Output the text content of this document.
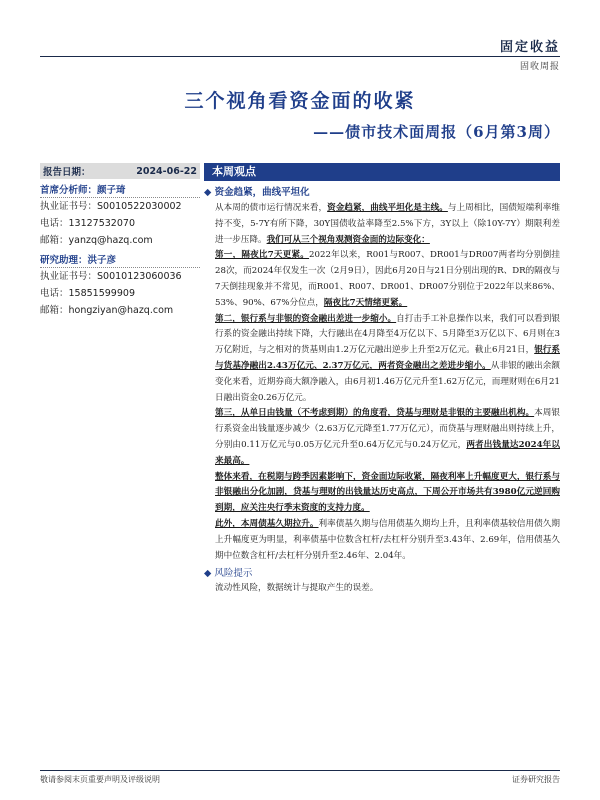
固定收益
固收周报
三个视角看资金面的收紧
——债市技术面周报（6月第3周）
报告日期：	2024-06-22
首席分析师：颜子琦
执业证书号：S0010522030002
电话：13127532070
邮箱：yanzq@hazq.com
研究助理：洪子彦
执业证书号：S0010123060036
电话：15851599909
邮箱：hongziyan@hazq.com
本周观点
◆ 资金趋紧，曲线平坦化

从本周的债市运行情况来看，资金趋紧，曲线平坦化是主线。与上周相比，国债短端利率维持不变，5-7Y有所下降，30Y国债收益率降至2.5%下方，3Y以上（除10Y-7Y）期限利差进一步压降。我们可从三个视角观测资金面的边际变化：

第一，隔夜比7天更紧。2022年以来，R001与R007、DR001与DR007两者均分别倒挂28次，而2024年仅发生一次（2月9日），因此6月20日与21日分别出现的R、DR的隔夜与7天倒挂现象并不常见，而R001、R007、DR001、DR007分别位于2022年以来86%、53%、90%、67%分位点，隔夜比7天情绪更紧。

第二，银行系与非银的资金融出差进一步缩小。自打击手工补息操作以来，我们可以看到银行系的资金融出持续下降，大行融出在4月降至4万亿以下、5月降至3万亿以下、6月则在3万亿附近，与之相对的货基则由1.2万亿元融出逆步上升至2万亿元。截止6月21日，银行系与货基净融出2.43万亿元、2.37万亿元，两者资金融出之差进步缩小。从非银的融出余额变化来看，近期券商大额净融入，由6月初1.46万亿元升至1.62万亿元，而理财则在6月21日融出资金0.26万亿元。

第三，从单日由钱量（不考虑到期）的角度看，贷基与理财是非银的主要融出机构。本周银行系资金出钱量逐步减少（2.63万亿元降至1.77万亿元），而贷基与理财融出则持续上升，分别由0.11万亿元与0.05万亿元升至0.64万亿元与0.24万亿元，两者出钱量达2024年以来最高。

整体来看，在税期与跨季因素影响下，资金面边际收紧，隔夜利率上升幅度更大，银行系与非银融出分化加剧，贷基与理财的出钱量达历史高点，下周公开市场共有3980亿元逆回购到期，应关注央行季末资度的支持力度。

此外，本周债基久期拉升。利率债基久期与信用债基久期均上升，且利率债基较信用债久期上升幅度更为明显，利率债基中位数含杠杆/去杠杆分别升至3.43年、2.69年，信用债基久期中位数含杠杆/去杠杆分别升至2.46年、2.04年。

◆ 风险提示
流动性风险，数据统计与提取产生的误差。
敬请参阅末页重要声明及评级说明	证券研究报告
